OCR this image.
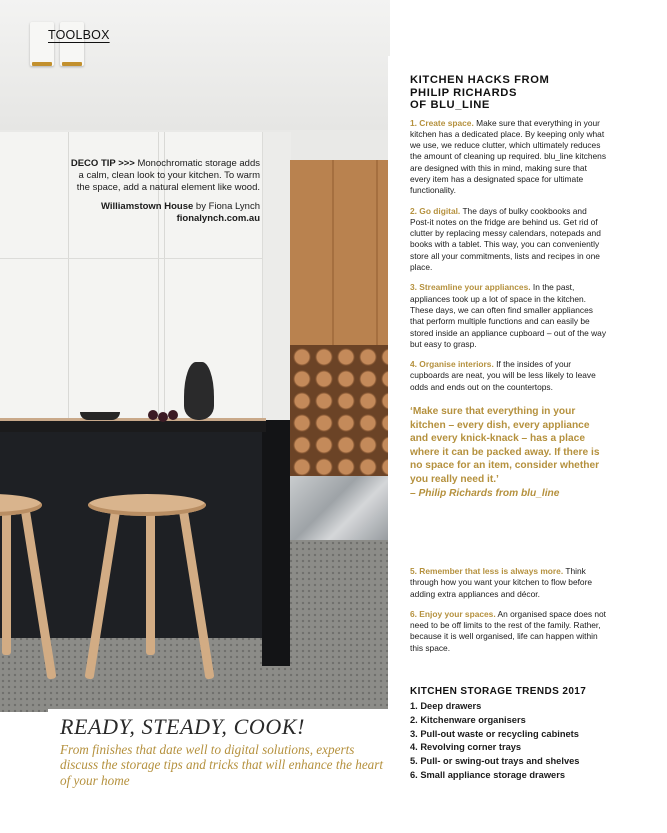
DECO TIP >>> Monochromatic storage adds a calm, clean look to your kitchen. To warm the space, add a natural element like wood.
Williamstown House by Fiona Lynch fionalynch.com.au
TOOLBOX
KITCHEN HACKS FROM
PHILIP RICHARDS
OF BLU_LINE

1. Create space. Make sure that everything in your kitchen has a dedicated place. By keeping only what we use, we reduce clutter, which ultimately reduces the amount of cleaning up required. blu_line kitchens are designed with this in mind, making sure that every item has a designated space for ultimate functionality.

2. Go digital. The days of bulky cookbooks and Post-it notes on the fridge are behind us. Get rid of clutter by replacing messy calendars, notepads and books with a tablet. This way, you can conveniently store all your commitments, lists and recipes in one place.

3. Streamline your appliances. In the past, appliances took up a lot of space in the kitchen. These days, we can often find smaller appliances that perform multiple functions and can easily be stored inside an appliance cupboard – out of the way but easy to grasp.

4. Organise interiors. If the insides of your cupboards are neat, you will be less likely to leave odds and ends out on the countertops.

‘Make sure that everything in your kitchen – every dish, every appliance and every knick-knack – has a place where it can be packed away. If there is no space for an item, consider whether you really need it.’
– Philip Richards from blu_line

5. Remember that less is always more. Think through how you want your kitchen to flow before adding extra appliances and décor.

6. Enjoy your spaces. An organised space does not need to be off limits to the rest of the family. Rather, because it is well organised, life can happen within this space.

KITCHEN STORAGE TRENDS 2017
1. Deep drawers
2. Kitchenware organisers
3. Pull-out waste or recycling cabinets
4. Revolving corner trays
5. Pull- or swing-out trays and shelves
6. Small appliance storage drawers
READY, STEADY, COOK!

From finishes that date well to digital solutions, experts discuss the storage tips and tricks that will enhance the heart of your home
